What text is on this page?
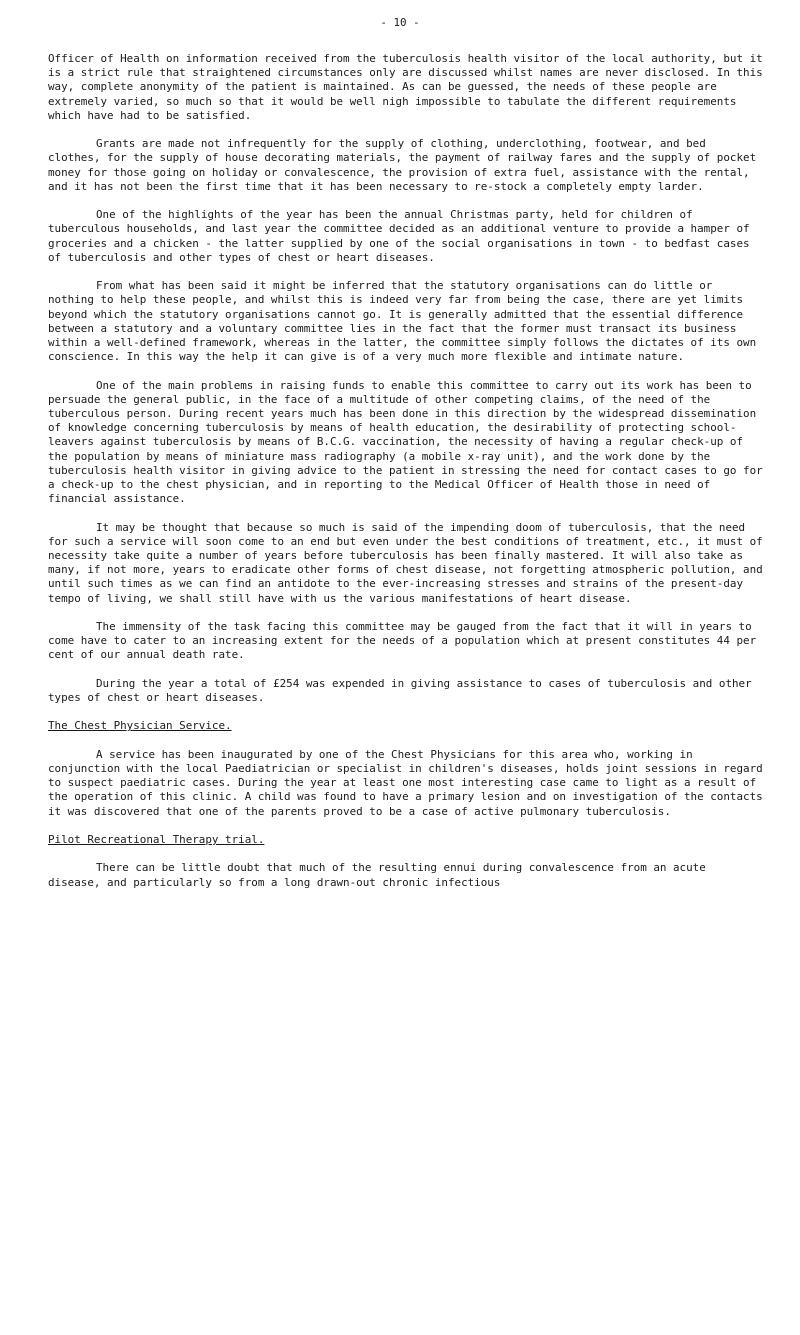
- 10 -

Officer of Health on information received from the tuberculosis health visitor of the local authority, but it is a strict rule that straightened circumstances only are discussed whilst names are never disclosed. In this way, complete anonymity of the patient is maintained. As can be guessed, the needs of these people are extremely varied, so much so that it would be well nigh impossible to tabulate the different requirements which have had to be satisfied.

Grants are made not infrequently for the supply of clothing, underclothing, footwear, and bed clothes, for the supply of house decorating materials, the payment of railway fares and the supply of pocket money for those going on holiday or convalescence, the provision of extra fuel, assistance with the rental, and it has not been the first time that it has been necessary to re-stock a completely empty larder.

One of the highlights of the year has been the annual Christmas party, held for children of tuberculous households, and last year the committee decided as an additional venture to provide a hamper of groceries and a chicken - the latter supplied by one of the social organisations in town - to bedfast cases of tuberculosis and other types of chest or heart diseases.

From what has been said it might be inferred that the statutory organisations can do little or nothing to help these people, and whilst this is indeed very far from being the case, there are yet limits beyond which the statutory organisations cannot go. It is generally admitted that the essential difference between a statutory and a voluntary committee lies in the fact that the former must transact its business within a well-defined framework, whereas in the latter, the committee simply follows the dictates of its own conscience. In this way the help it can give is of a very much more flexible and intimate nature.

One of the main problems in raising funds to enable this committee to carry out its work has been to persuade the general public, in the face of a multitude of other competing claims, of the need of the tuberculous person. During recent years much has been done in this direction by the widespread dissemination of knowledge concerning tuberculosis by means of health education, the desirability of protecting school-leavers against tuberculosis by means of B.C.G. vaccination, the necessity of having a regular check-up of the population by means of miniature mass radiography (a mobile x-ray unit), and the work done by the tuberculosis health visitor in giving advice to the patient in stressing the need for contact cases to go for a check-up to the chest physician, and in reporting to the Medical Officer of Health those in need of financial assistance.

It may be thought that because so much is said of the impending doom of tuberculosis, that the need for such a service will soon come to an end but even under the best conditions of treatment, etc., it must of necessity take quite a number of years before tuberculosis has been finally mastered. It will also take as many, if not more, years to eradicate other forms of chest disease, not forgetting atmospheric pollution, and until such times as we can find an antidote to the ever-increasing stresses and strains of the present-day tempo of living, we shall still have with us the various manifestations of heart disease.

The immensity of the task facing this committee may be gauged from the fact that it will in years to come have to cater to an increasing extent for the needs of a population which at present constitutes 44 per cent of our annual death rate.

During the year a total of £254 was expended in giving assistance to cases of tuberculosis and other types of chest or heart diseases.

The Chest Physician Service.

A service has been inaugurated by one of the Chest Physicians for this area who, working in conjunction with the local Paediatrician or specialist in children's diseases, holds joint sessions in regard to suspect paediatric cases. During the year at least one most interesting case came to light as a result of the operation of this clinic. A child was found to have a primary lesion and on investigation of the contacts it was discovered that one of the parents proved to be a case of active pulmonary tuberculosis.

Pilot Recreational Therapy trial.

There can be little doubt that much of the resulting ennui during convalescence from an acute disease, and particularly so from a long drawn-out chronic infectious
